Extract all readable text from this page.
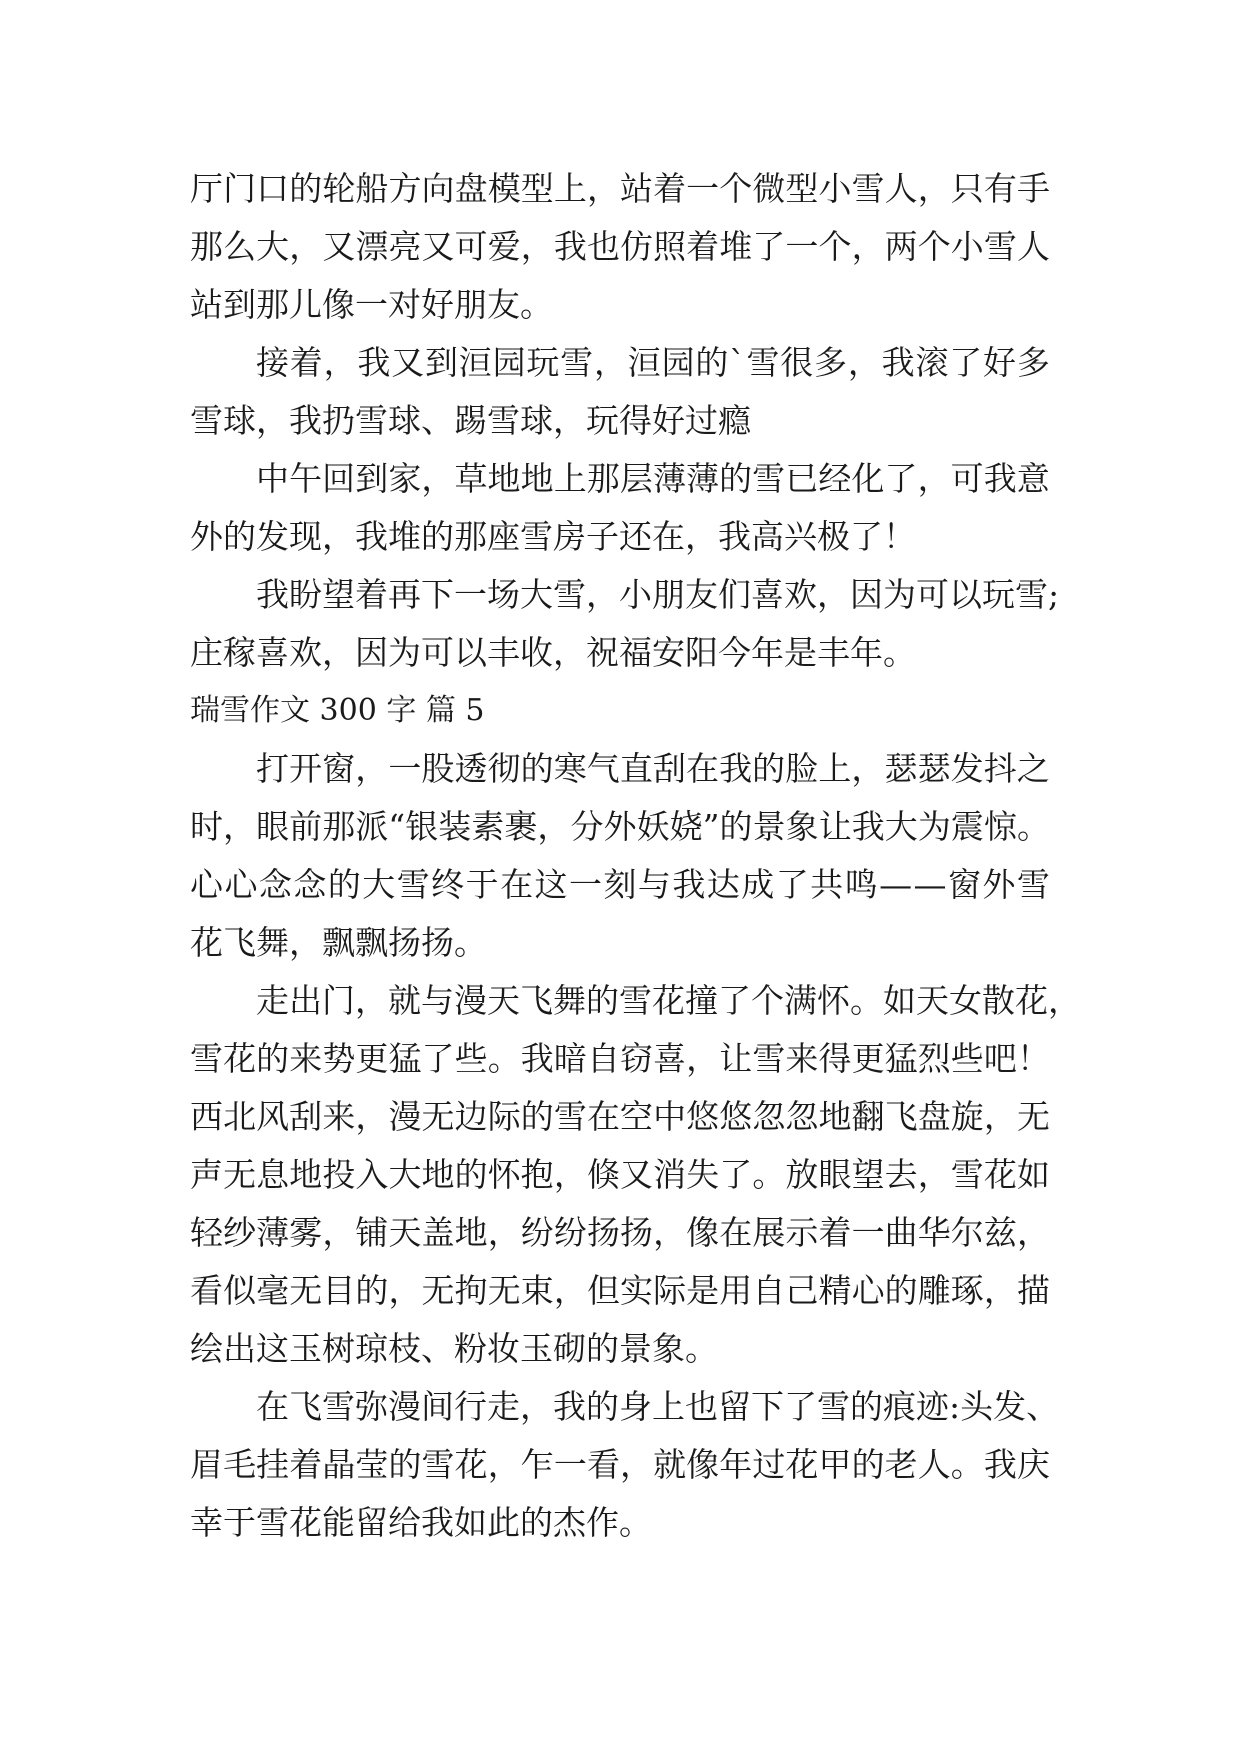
厅 门 口 的 轮 船 方 向 盘 模 型 上 ， 站 着 一 个 微 型 小 雪 人 ， 只 有 手
那 么 大 ， 又 漂 亮 又 可 爱 ， 我 也 仿 照 着 堆 了 一 个 ， 两 个 小 雪 人
站到那儿像一对好朋友。
接 着 ， 我 又 到 洹 园 玩 雪 ， 洹 园 的 ` 雪 很 多 ， 我 滚 了 好 多
雪球，我扔雪球、踢雪球，玩得好过瘾
中 午 回 到 家 ， 草 地 地 上 那 层 薄 薄 的 雪 已 经 化 了 ， 可 我 意
外的发现，我堆的那座雪房子还在，我高兴极了！
我 盼 望 着 再 下 一 场 大 雪 ， 小 朋 友 们 喜 欢 ， 因 为 可 以 玩 雪 ;
庄稼喜欢，因为可以丰收，祝福安阳今年是丰年。
瑞雪作文 300 字 篇 5
打 开 窗 ， 一 股 透 彻 的 寒 气 直 刮 在 我 的 脸 上 ， 瑟 瑟 发 抖 之
时 ， 眼 前 那 派 “ 银 装 素 裹 ， 分 外 妖 娆 ” 的 景 象 让 我 大 为 震 惊 。
心 心 念 念 的 大 雪 终 于 在 这 一 刻 与 我 达 成 了 共 鸣 — — 窗 外 雪
花飞舞，飘飘扬扬。
走 出 门 ， 就 与 漫 天 飞 舞 的 雪 花 撞 了 个 满 怀 。 如 天 女 散 花 ，
雪 花 的 来 势 更 猛 了 些 。 我 暗 自 窃 喜 ， 让 雪 来 得 更 猛 烈 些 吧 ！
西 北 风 刮 来 ， 漫 无 边 际 的 雪 在 空 中 悠 悠 忽 忽 地 翻 飞 盘 旋 ， 无
声 无 息 地 投 入 大 地 的 怀 抱 ， 倏 又 消 失 了 。 放 眼 望 去 ， 雪 花 如
轻 纱 薄 雾 ， 铺 天 盖 地 ， 纷 纷 扬 扬 ， 像 在 展 示 着 一 曲 华 尔 兹 ，
看 似 毫 无 目 的 ， 无 拘 无 束 ， 但 实 际 是 用 自 己 精 心 的 雕 琢 ， 描
绘出这玉树琼枝、粉妆玉砌的景象。
在 飞 雪 弥 漫 间 行 走 ， 我 的 身 上 也 留 下 了 雪 的 痕 迹 : 头 发 、
眉 毛 挂 着 晶 莹 的 雪 花 ， 乍 一 看 ， 就 像 年 过 花 甲 的 老 人 。 我 庆
幸于雪花能留给我如此的杰作。
